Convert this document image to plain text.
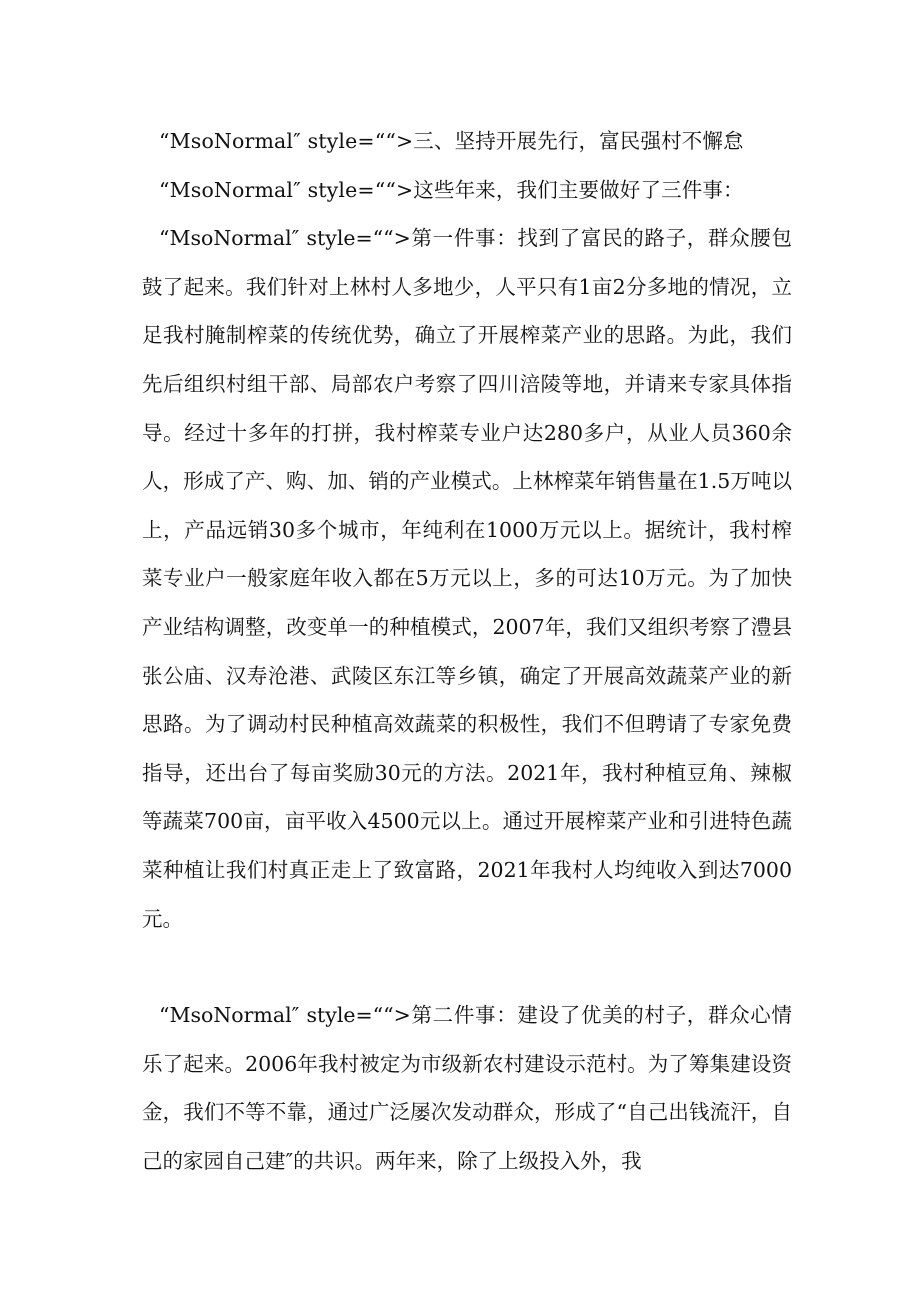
“MsoNormal″ style=““>三、坚持开展先行，富民强村不懈怠

“MsoNormal″ style=““>这些年来，我们主要做好了三件事：

“MsoNormal″ style=““>第一件事：找到了富民的路子，群众腰包鼓了起来。我们针对上林村人多地少，人平只有1亩2分多地的情况，立足我村腌制榨菜的传统优势，确立了开展榨菜产业的思路。为此，我们先后组织村组干部、局部农户考察了四川涪陵等地，并请来专家具体指导。经过十多年的打拼，我村榨菜专业户达280多户，从业人员360余人，形成了产、购、加、销的产业模式。上林榨菜年销售量在1.5万吨以上，产品远销30多个城市，年纯利在1000万元以上。据统计，我村榨菜专业户一般家庭年收入都在5万元以上，多的可达10万元。为了加快产业结构调整，改变单一的种植模式，2007年，我们又组织考察了澧县张公庙、汉寿沧港、武陵区东江等乡镇，确定了开展高效蔬菜产业的新思路。为了调动村民种植高效蔬菜的积极性，我们不但聘请了专家免费指导，还出台了每亩奖励30元的方法。2021年，我村种植豆角、辣椒等蔬菜700亩，亩平收入4500元以上。通过开展榨菜产业和引进特色蔬菜种植让我们村真正走上了致富路，2021年我村人均纯收入到达7000元。

“MsoNormal″ style=““>第二件事：建设了优美的村子，群众心情乐了起来。2006年我村被定为市级新农村建设示范村。为了筹集建设资金，我们不等不靠，通过广泛屡次发动群众，形成了“自己出钱流汗，自己的家园自己建″的共识。两年来，除了上级投入外，我
